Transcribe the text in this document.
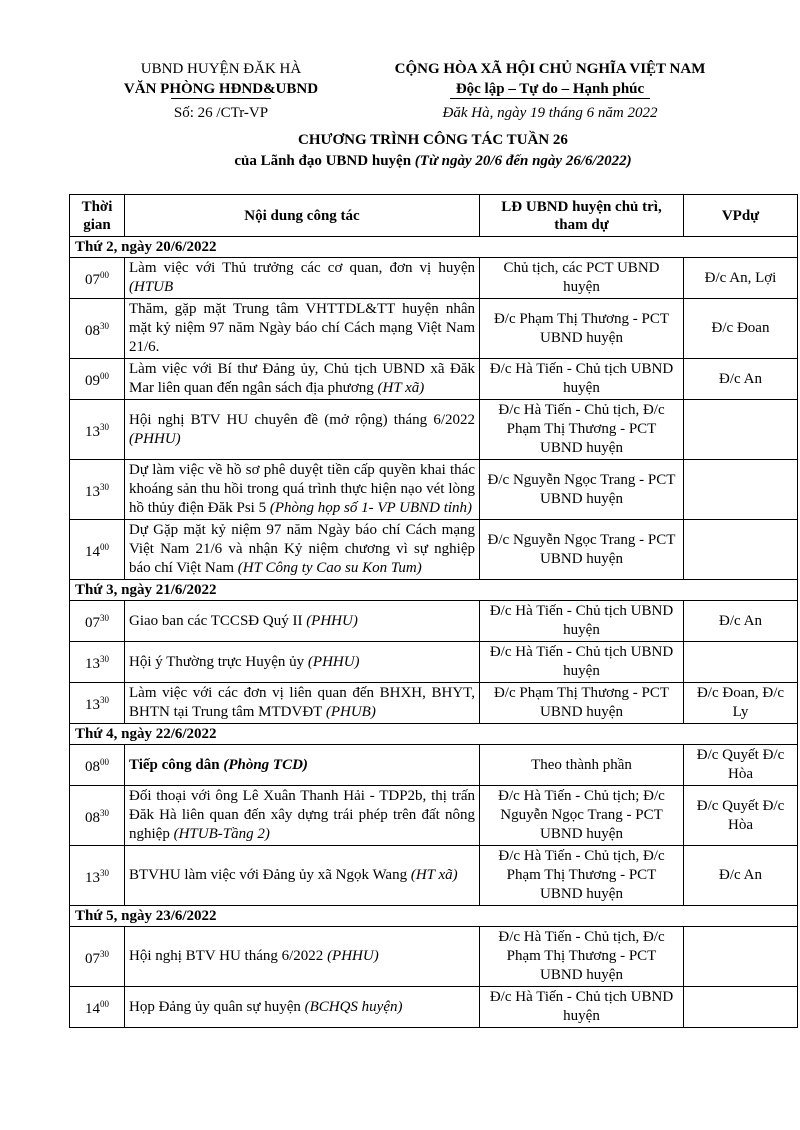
UBND HUYỆN ĐĂK HÀ
VĂN PHÒNG HĐND&UBND
Số: 26 /CTr-VP
CỘNG HÒA XÃ HỘI CHỦ NGHĨA VIỆT NAM
Độc lập – Tự do – Hạnh phúc
Đăk Hà, ngày 19 tháng 6 năm 2022
CHƯƠNG TRÌNH CÔNG TÁC TUẦN 26
của Lãnh đạo UBND huyện (Từ ngày 20/6 đến ngày 26/6/2022)
Thời gian	Nội dung công tác	LĐ UBND huyện chủ trì, tham dự	VPdự
Thứ 2, ngày 20/6/2022			
$07^{00}$	Làm việc với Thủ trưởng các cơ quan, đơn vị huyện (HTUB	Chủ tịch, các PCT UBND huyện	Đ/c An, Lợi
$08^{30}$	Thăm, gặp mặt Trung tâm VHTTDL&TT huyện nhân mặt kỷ niệm 97 năm Ngày báo chí Cách mạng Việt Nam 21/6.	Đ/c Phạm Thị Thương - PCT UBND huyện	Đ/c Đoan
$09^{00}$	Làm việc với Bí thư Đảng ủy, Chủ tịch UBND xã Đăk Mar liên quan đến ngân sách địa phương (HT xã)	Đ/c Hà Tiến - Chủ tịch UBND huyện	Đ/c An
$13^{30}$	Hội nghị BTV HU chuyên đề (mở rộng) tháng 6/2022 (PHHU)	Đ/c Hà Tiến - Chủ tịch, Đ/c Phạm Thị Thương - PCT UBND huyện	
$13^{30}$	Dự làm việc về hồ sơ phê duyệt tiền cấp quyền khai thác khoáng sản thu hồi trong quá trình thực hiện nạo vét lòng hồ thủy điện Đăk Psi 5 (Phòng họp số 1- VP UBND tỉnh)	Đ/c Nguyễn Ngọc Trang - PCT UBND huyện	
$14^{00}$	Dự Gặp mặt kỷ niệm 97 năm Ngày báo chí Cách mạng Việt Nam 21/6 và nhận Kỷ niệm chương vì sự nghiệp báo chí Việt Nam (HT Công ty Cao su Kon Tum)	Đ/c Nguyễn Ngọc Trang - PCT UBND huyện	
Thứ 3, ngày 21/6/2022			
$07^{30}$	Giao ban các TCCSĐ Quý II (PHHU)	Đ/c Hà Tiến - Chủ tịch UBND huyện	Đ/c An
$13^{30}$	Hội ý Thường trực Huyện ủy (PHHU)	Đ/c Hà Tiến - Chủ tịch UBND huyện	
$13^{30}$	Làm việc với các đơn vị liên quan đến BHXH, BHYT, BHTN tại Trung tâm MTDVĐT (PHUB)	Đ/c Phạm Thị Thương - PCT UBND huyện	Đ/c Đoan, Đ/c Ly
Thứ 4, ngày 22/6/2022			
$08^{00}$	Tiếp công dân (Phòng TCD)	Theo thành phần	Đ/c Quyết Đ/c Hòa
$08^{30}$	Đối thoại với ông Lê Xuân Thanh Hải - TDP2b, thị trấn Đăk Hà liên quan đến xây dựng trái phép trên đất nông nghiệp (HTUB-Tầng 2)	Đ/c Hà Tiến - Chủ tịch; Đ/c Nguyễn Ngọc Trang - PCT UBND huyện	Đ/c Quyết Đ/c Hòa
$13^{30}$	BTVHU làm việc với Đảng ủy xã Ngọk Wang (HT xã)	Đ/c Hà Tiến - Chủ tịch, Đ/c Phạm Thị Thương - PCT UBND huyện	Đ/c An
Thứ 5, ngày 23/6/2022			
$07^{30}$	Hội nghị BTV HU tháng 6/2022 (PHHU)	Đ/c Hà Tiến - Chủ tịch, Đ/c Phạm Thị Thương - PCT UBND huyện	
$14^{00}$	Họp Đảng ủy quân sự huyện (BCHQS huyện)	Đ/c Hà Tiến - Chủ tịch UBND huyện	
